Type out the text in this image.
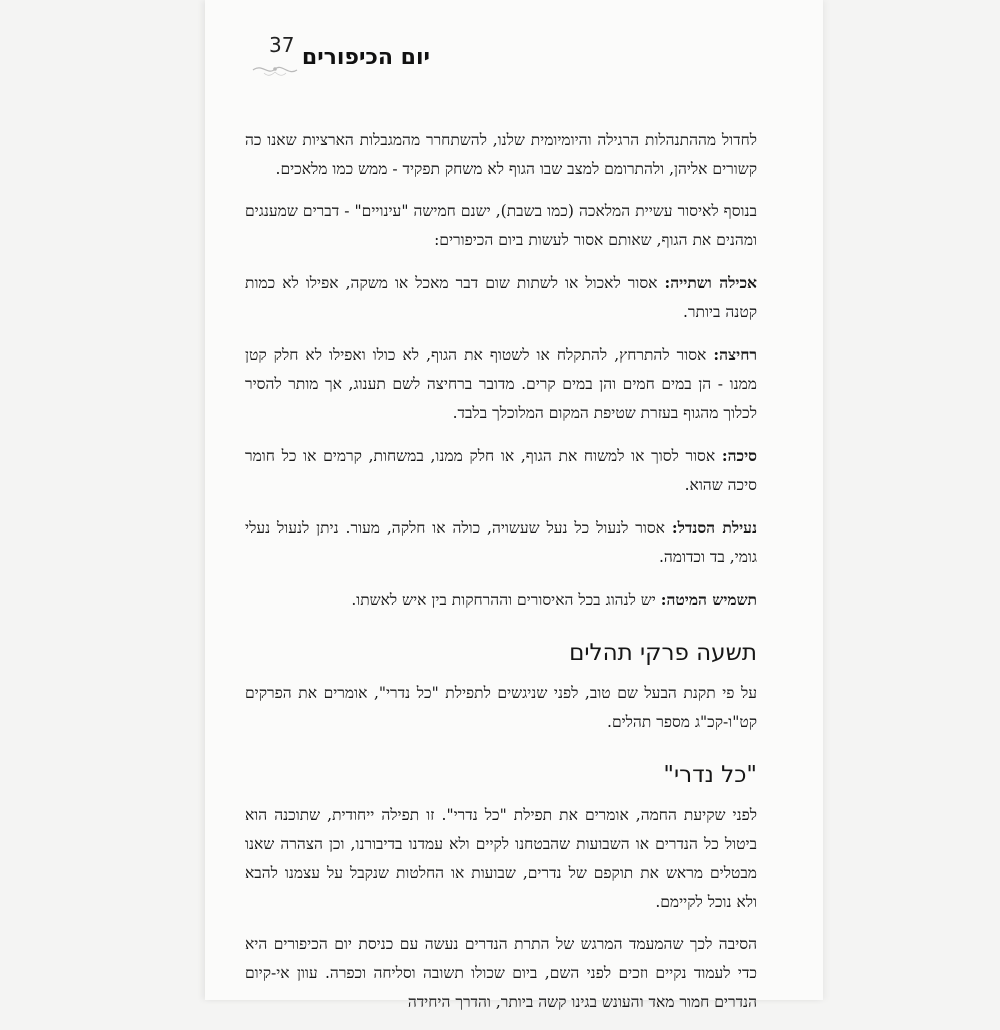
37 יום הכיפורים

לחדול מההתנהלות הרגילה והיומיומית שלנו, להשתחרר מהמגבלות הארציות שאנו כה קשורים אליהן, ולהתרומם למצב שבו הגוף לא משחק תפקיד - ממש כמו מלאכים.

בנוסף לאיסור עשיית המלאכה (כמו בשבת), ישנם חמישה "עינויים" - דברים שמענגים ומהנים את הגוף, שאותם אסור לעשות ביום הכיפורים:

אכילה ושתייה: אסור לאכול או לשתות שום דבר מאכל או משקה, אפילו לא כמות קטנה ביותר.

רחיצה: אסור להתרחץ, להתקלח או לשטוף את הגוף, לא כולו ואפילו לא חלק קטן ממנו - הן במים חמים והן במים קרים. מדובר ברחיצה לשם תענוג, אך מותר להסיר לכלוך מהגוף בעזרת שטיפת המקום המלוכלך בלבד.

סיכה: אסור לסוך או למשוח את הגוף, או חלק ממנו, במשחות, קרמים או כל חומר סיכה שהוא.

נעילת הסנדל: אסור לנעול כל נעל שעשויה, כולה או חלקה, מעור. ניתן לנעול נעלי גומי, בד וכדומה.

תשמיש המיטה: יש לנהוג בכל האיסורים וההרחקות בין איש לאשתו.

תשעה פרקי תהלים

על פי תקנת הבעל שם טוב, לפני שניגשים לתפילת "כל נדרי", אומרים את הפרקים קט"ו-קכ"ג מספר תהלים.

"כל נדרי"

לפני שקיעת החמה, אומרים את תפילת "כל נדרי". זו תפילה ייחודית, שתוכנה הוא ביטול כל הנדרים או השבועות שהבטחנו לקיים ולא עמדנו בדיבורנו, וכן הצהרה שאנו מבטלים מראש את תוקפם של נדרים, שבועות או החלטות שנקבל על עצמנו להבא ולא נוכל לקיימם.

הסיבה לכך שהמעמד המרגש של התרת הנדרים נעשה עם כניסת יום הכיפורים היא כדי לעמוד נקיים וזכים לפני השם, ביום שכולו תשובה וסליחה וכפרה. עוון אי-קיום הנדרים חמור מאד והעונש בגינו קשה ביותר, והדרך היחידה
